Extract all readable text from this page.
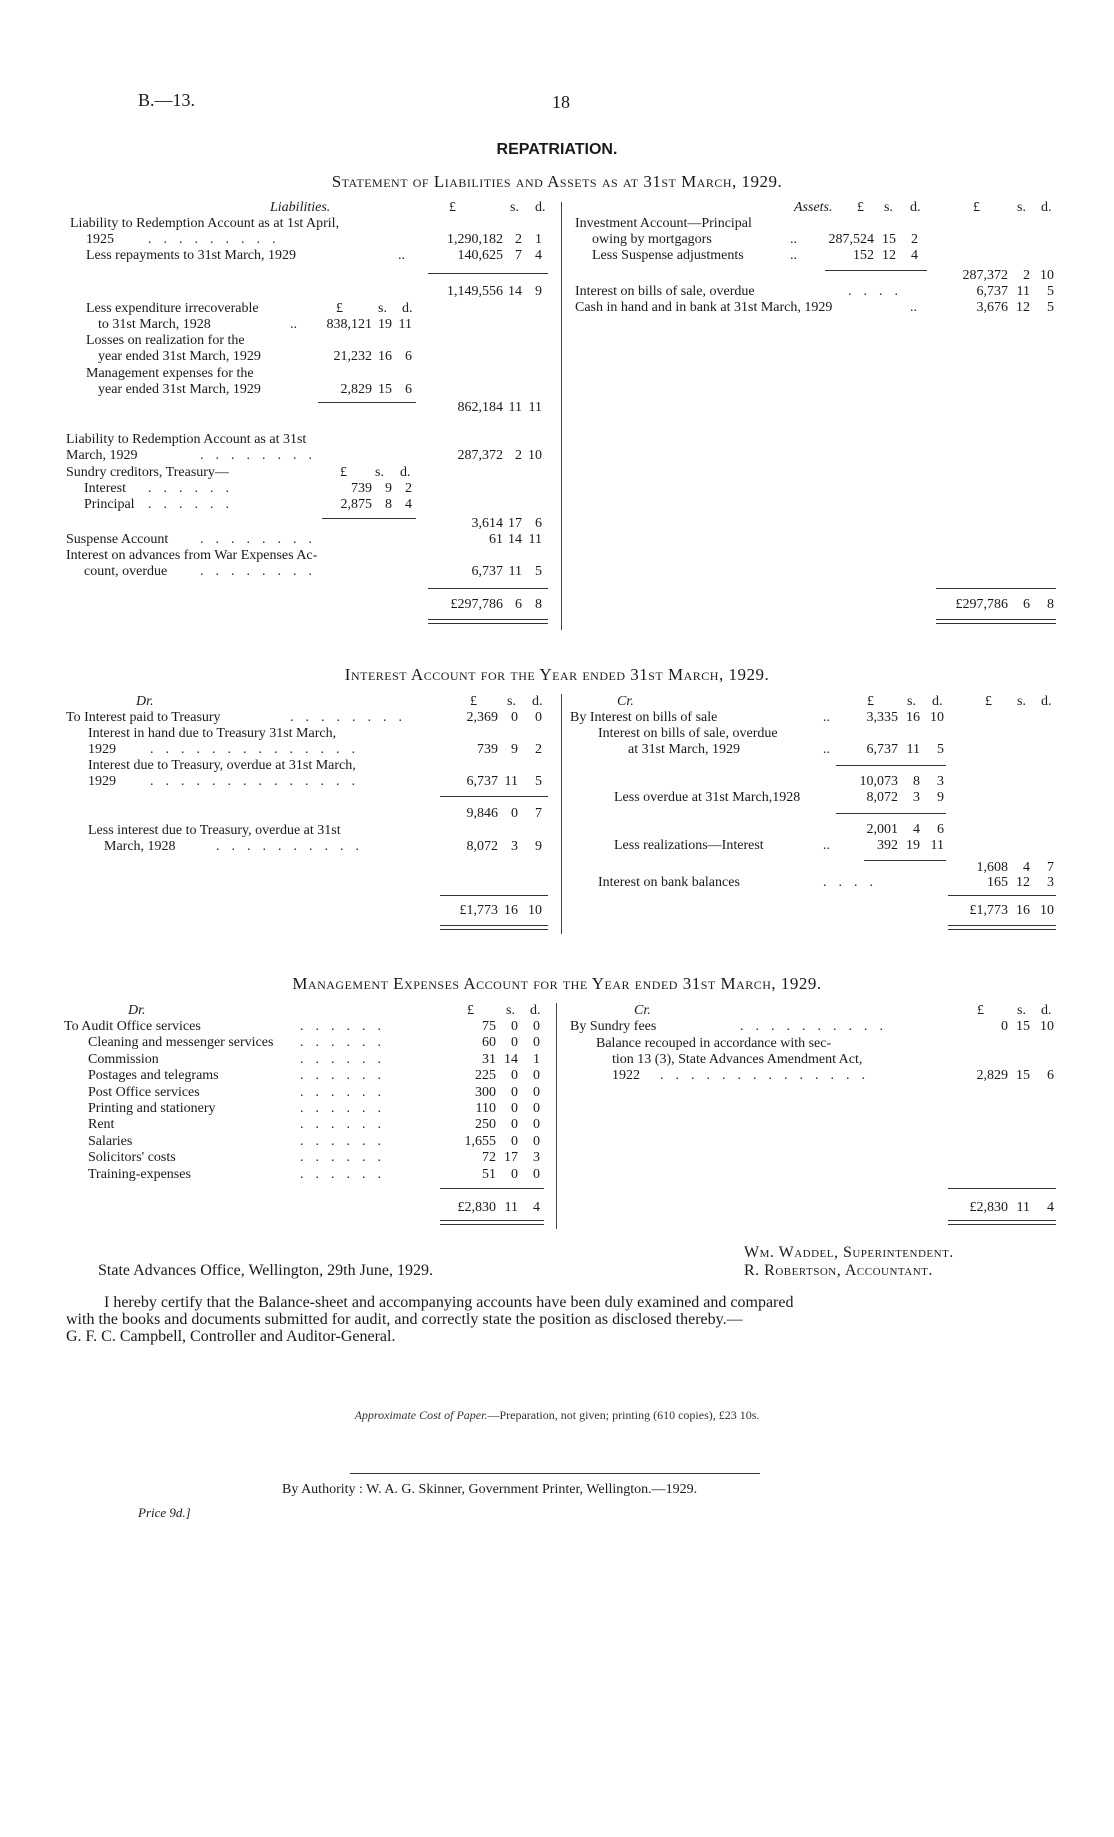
B.—13.	18
REPATRIATION.
Statement of Liabilities and Assets as at 31st March, 1929.
Liabilities.	£	s. d.
Liability to Redemption Account as at 1st April,
1925 .........	1,290,182 2 1
Less repayments to 31st March, 1929	..	140,625 7 4
1,149,556 14 9
£	s. d.
Less expenditure irrecoverable
to 31st March, 1928	..	838,121 19 11
Losses on realization for the
year ended 31st March, 1929	21,232 16 6
Management expenses for the
year ended 31st March, 1929	2,829 15 6
862,184 11 11
Liability to Redemption Account as at 31st
March, 1929	........	287,372 2 10
Sundry creditors, Treasury—	£ s. d.
Interest ......	739 9 2
Principal ......	2,875 8 4
3,614 17 6
Suspense Account ........	61 14 11
Interest on advances from War Expenses Ac-
count, overdue ........	6,737 11 5
£297,786 6 8
Assets. £ s. d.	£	s. d.
Investment Account—Principal
owing by mortgagors	..	287,524 15	2
Less Suspense adjustments	..	152 12	4
287,372	2 10
Interest on bills of sale, overdue	....	6,737 11	5
Cash in hand and in bank at 31st March, 1929	..	3,676 12	5
£297,786	6	8
Interest Account for the Year ended 31st March, 1929.
Dr.	£ s. d.
To Interest paid to Treasury	........	2,369 0	0
Interest in hand due to Treasury 31st March,
1929 ..............	739 9	2
Interest due to Treasury, overdue at 31st March,
1929 ..............	6,737 11	5
9,846 0	7
Less interest due to Treasury, overdue at 31st
March, 1928	..........	8,072 3	9
£1,773 16 10
Cr.	£ s. d.	£ s. d.
By Interest on bills of sale	..	3,335 16 10
Interest on bills of sale, overdue
at 31st March, 1929	..	6,737 11	5
10,073	8	3
Less overdue at 31st March,1928	8,072	3	9
2,001	4	6
Less realizations—Interest	..	392 19 11
1,608	4	7
Interest on bank balances	....	165 12	3
£1,773 16 10
Management Expenses Account for the Year ended 31st March, 1929.
Dr.	£ s. d.
To Audit Office services	......	75	0	0
Cleaning and messenger services ......	60	0	0
Commission	......	31 14	1
Postages and telegrams	......	225	0	0
Post Office services	......	300	0	0
Printing and stationery	......	110	0	0
Rent	......	250	0	0
Salaries	......	1,655	0	0
Solicitors' costs	......	72 17	3
Training-expenses	......	51	0	0
£2,830 11	4
Cr.	£ s. d.
By Sundry fees	..........	0 15 10
Balance recouped in accordance with sec-
tion 13 (3), State Advances Amendment Act,
1922 ..............	2,829 15	6
£2,830 11	4
Wm. Waddel, Superintendent.
State Advances Office, Wellington, 29th June, 1929.	R. Robertson, Accountant.
I hereby certify that the Balance-sheet and accompanying accounts have been duly examined and compared
with the books and documents submitted for audit, and correctly state the position as disclosed thereby.—
G. F. C. Campbell, Controller and Auditor-General.
Approximate Cost of Paper.—Preparation, not given; printing (610 copies), £23 10s.
By Authority : W. A. G. Skinner, Government Printer, Wellington.—1929.
Price 9d.]
